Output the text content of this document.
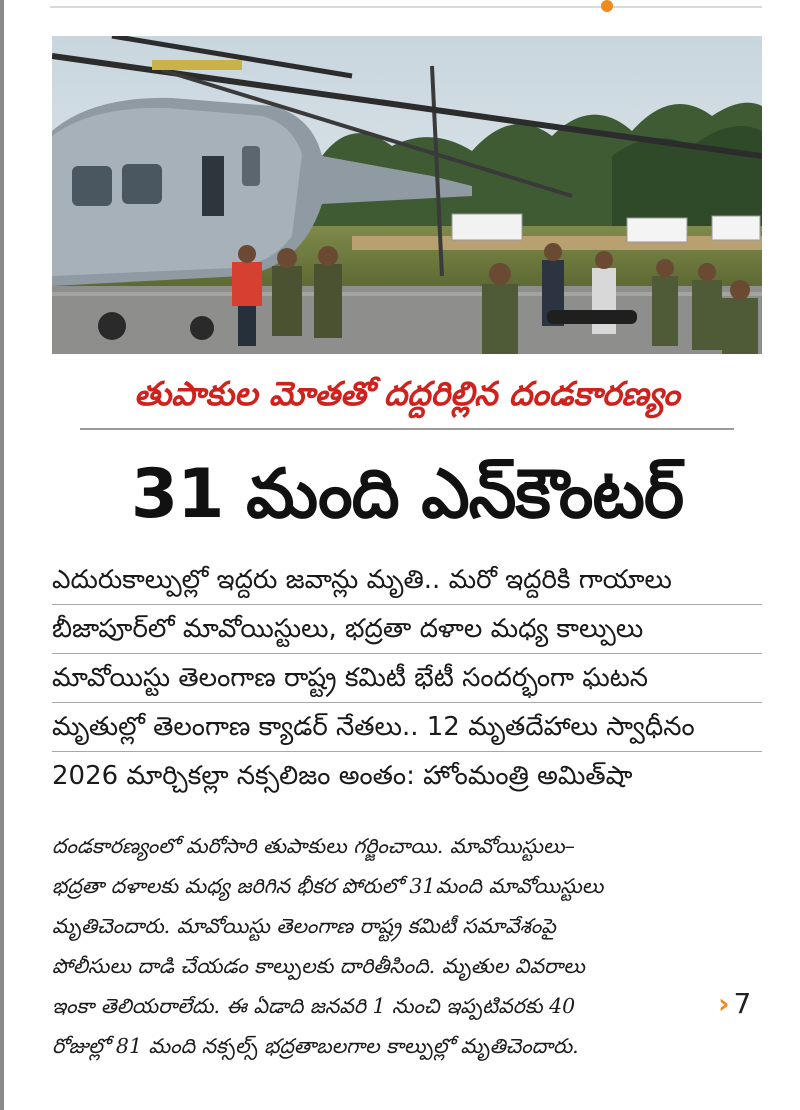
తుపాకుల మోతతో దద్దరిల్లిన దండకారణ్యం
31 మంది ఎన్‌కౌంటర్
ఎదురుకాల్పుల్లో ఇద్దరు జవాన్లు మృతి.. మరో ఇద్దరికి గాయాలు
బీజాపూర్‌లో మావోయిస్టులు, భద్రతా దళాల మధ్య కాల్పులు
మావోయిస్టు తెలంగాణ రాష్ట్ర కమిటీ భేటీ సందర్భంగా ఘటన
మృతుల్లో తెలంగాణ క్యాడర్ నేతలు.. 12 మృతదేహాలు స్వాధీనం
2026 మార్చికల్లా నక్సలిజం అంతం: హోంమంత్రి అమిత్‌షా
దండకారణ్యంలో మరోసారి తుపాకులు గర్జించాయి. మావోయిస్టులు–
భద్రతా దళాలకు మధ్య జరిగిన భీకర పోరులో 31మంది మావోయిస్టులు
మృతిచెందారు. మావోయిస్టు తెలంగాణ రాష్ట్ర కమిటీ సమావేశంపై
పోలీసులు దాడి చేయడం కాల్పులకు దారితీసింది. మృతుల వివరాలు
ఇంకా తెలియరాలేదు. ఈ ఏడాది జనవరి 1 నుంచి ఇప్పటివరకు 40
రోజుల్లో 81 మంది నక్సల్స్ భద్రతాబలగాల కాల్పుల్లో మృతిచెందారు.
› 7
